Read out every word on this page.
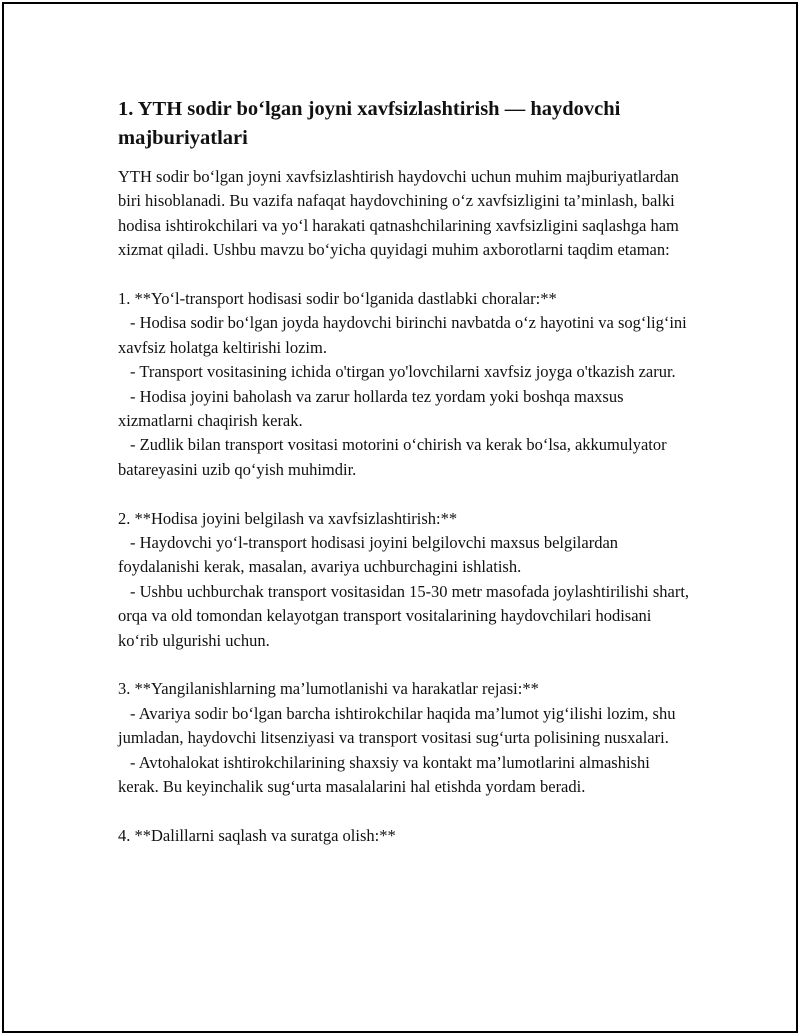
1. YTH sodir bo‘lgan joyni xavfsizlashtirish — haydovchi majburiyatlari

YTH sodir bo‘lgan joyni xavfsizlashtirish haydovchi uchun muhim majburiyatlardan biri hisoblanadi. Bu vazifa nafaqat haydovchining o‘z xavfsizligini ta’minlash, balki hodisa ishtirokchilari va yo‘l harakati qatnashchilarining xavfsizligini saqlashga ham xizmat qiladi. Ushbu mavzu bo‘yicha quyidagi muhim axborotlarni taqdim etaman:

1. **Yo‘l-transport hodisasi sodir bo‘lganida dastlabki choralar:**

- Hodisa sodir bo‘lgan joyda haydovchi birinchi navbatda o‘z hayotini va sog‘lig‘ini xavfsiz holatga keltirishi lozim.

- Transport vositasining ichida o'tirgan yo'lovchilarni xavfsiz joyga o'tkazish zarur.

- Hodisa joyini baholash va zarur hollarda tez yordam yoki boshqa maxsus xizmatlarni chaqirish kerak.

- Zudlik bilan transport vositasi motorini o‘chirish va kerak bo‘lsa, akkumulyator batareyasini uzib qo‘yish muhimdir.

2. **Hodisa joyini belgilash va xavfsizlashtirish:**

- Haydovchi yo‘l-transport hodisasi joyini belgilovchi maxsus belgilardan foydalanishi kerak, masalan, avariya uchburchagini ishlatish.

- Ushbu uchburchak transport vositasidan 15-30 metr masofada joylashtirilishi shart, orqa va old tomondan kelayotgan transport vositalarining haydovchilari hodisani ko‘rib ulgurishi uchun.

3. **Yangilanishlarning ma’lumotlanishi va harakatlar rejasi:**

- Avariya sodir bo‘lgan barcha ishtirokchilar haqida ma’lumot yig‘ilishi lozim, shu jumladan, haydovchi litsenziyasi va transport vositasi sug‘urta polisining nusxalari.

- Avtohalokat ishtirokchilarining shaxsiy va kontakt ma’lumotlarini almashishi kerak. Bu keyinchalik sug‘urta masalalarini hal etishda yordam beradi.

4. **Dalillarni saqlash va suratga olish:**
